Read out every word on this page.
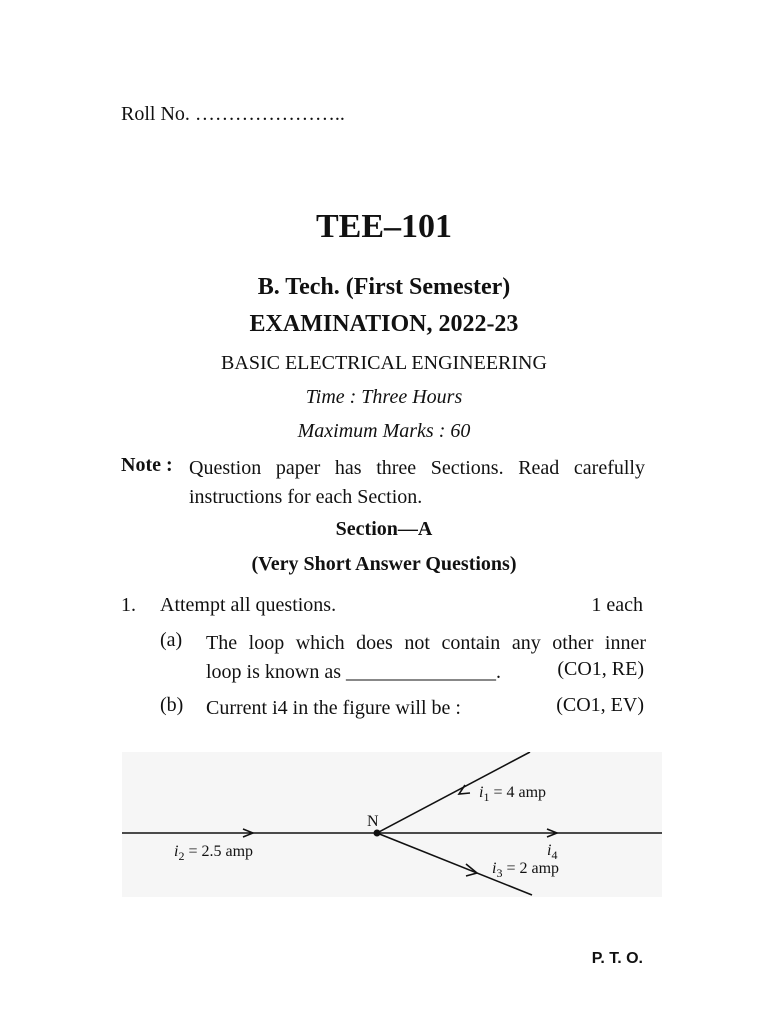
Roll No. …………………..
TEE–101
B. Tech. (First Semester)
EXAMINATION, 2022-23
BASIC ELECTRICAL ENGINEERING
Time : Three Hours
Maximum Marks : 60
Note : Question paper has three Sections. Read carefully instructions for each Section.
Section—A
(Very Short Answer Questions)
1. Attempt all questions.	1 each
(a) The loop which does not contain any other inner
loop is known as _______________.	(CO1, RE)
(b) Current i4 in the figure will be :	(CO1, EV)
N
$i_1 = 4$ amp
$i_2 = 2.5$ amp
$i_3 = 2$ amp
$i_4$
P. T. O.
